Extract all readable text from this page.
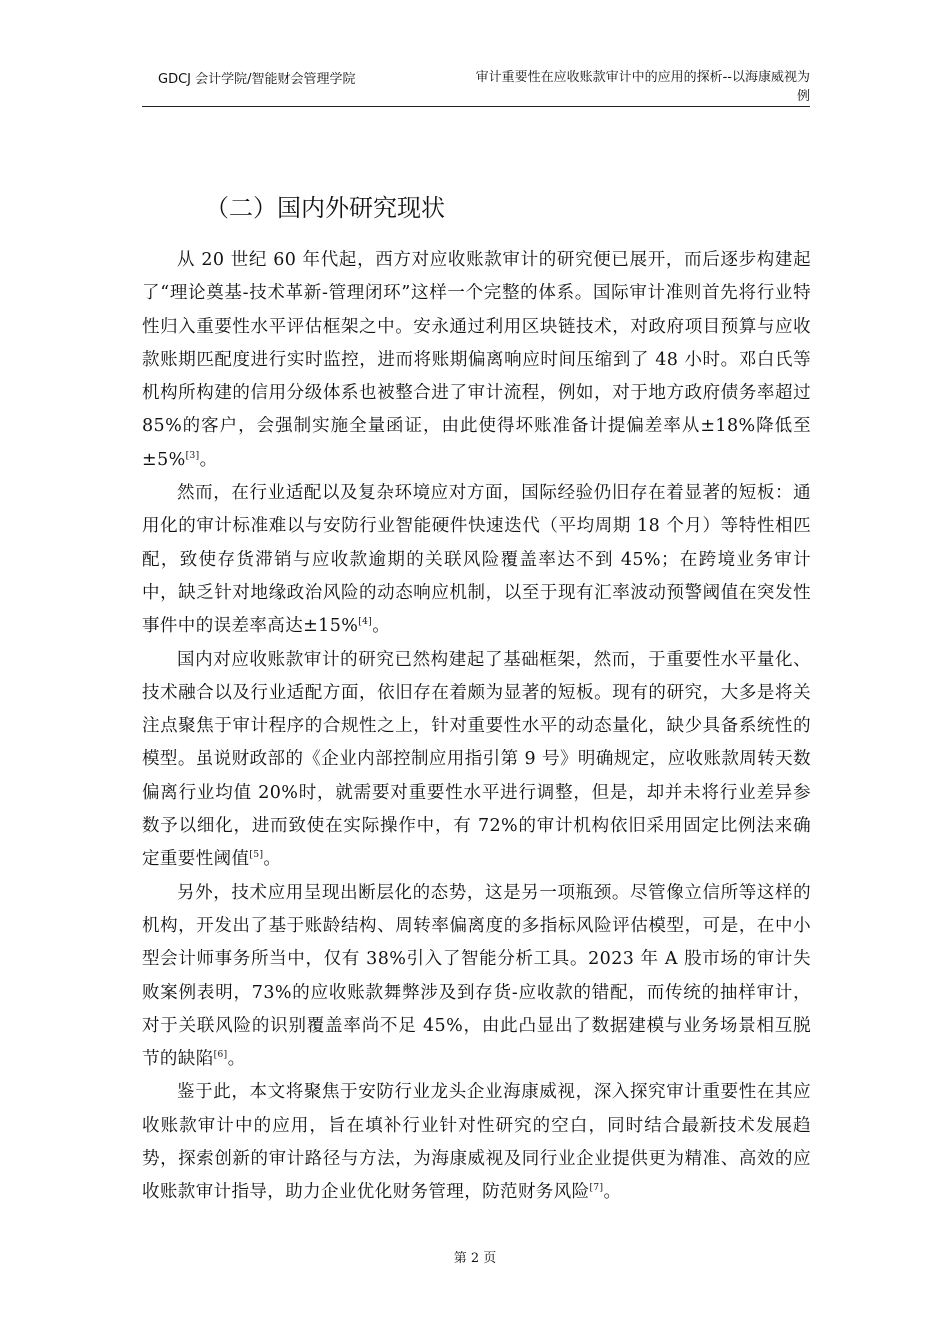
GDCJ 会计学院/智能财会管理学院	审计重要性在应收账款审计中的应用的探析--以海康威视为例
（二）国内外研究现状

从 20 世纪 60 年代起，西方对应收账款审计的研究便已展开，而后逐步构建起了“理论奠基-技术革新-管理闭环”这样一个完整的体系。国际审计准则首先将行业特性归入重要性水平评估框架之中。安永通过利用区块链技术，对政府项目预算与应收款账期匹配度进行实时监控，进而将账期偏离响应时间压缩到了 48 小时。邓白氏等机构所构建的信用分级体系也被整合进了审计流程，例如，对于地方政府债务率超过 85%的客户，会强制实施全量函证，由此使得坏账准备计提偏差率从±18%降低至±5%[3]。

然而，在行业适配以及复杂环境应对方面，国际经验仍旧存在着显著的短板：通用化的审计标准难以与安防行业智能硬件快速迭代（平均周期 18 个月）等特性相匹配，致使存货滞销与应收款逾期的关联风险覆盖率达不到 45%；在跨境业务审计中，缺乏针对地缘政治风险的动态响应机制，以至于现有汇率波动预警阈值在突发性事件中的误差率高达±15%[4]。

国内对应收账款审计的研究已然构建起了基础框架，然而，于重要性水平量化、技术融合以及行业适配方面，依旧存在着颇为显著的短板。现有的研究，大多是将关注点聚焦于审计程序的合规性之上，针对重要性水平的动态量化，缺少具备系统性的模型。虽说财政部的《企业内部控制应用指引第 9 号》明确规定，应收账款周转天数偏离行业均值 20%时，就需要对重要性水平进行调整，但是，却并未将行业差异参数予以细化，进而致使在实际操作中，有 72%的审计机构依旧采用固定比例法来确定重要性阈值[5]。

另外，技术应用呈现出断层化的态势，这是另一项瓶颈。尽管像立信所等这样的机构，开发出了基于账龄结构、周转率偏离度的多指标风险评估模型，可是，在中小型会计师事务所当中，仅有 38%引入了智能分析工具。2023 年 A 股市场的审计失败案例表明，73%的应收账款舞弊涉及到存货-应收款的错配，而传统的抽样审计，对于关联风险的识别覆盖率尚不足 45%，由此凸显出了数据建模与业务场景相互脱节的缺陷[6]。

鉴于此，本文将聚焦于安防行业龙头企业海康威视，深入探究审计重要性在其应收账款审计中的应用，旨在填补行业针对性研究的空白，同时结合最新技术发展趋势，探索创新的审计路径与方法，为海康威视及同行业企业提供更为精准、高效的应收账款审计指导，助力企业优化财务管理，防范财务风险[7]。

第 2 页
